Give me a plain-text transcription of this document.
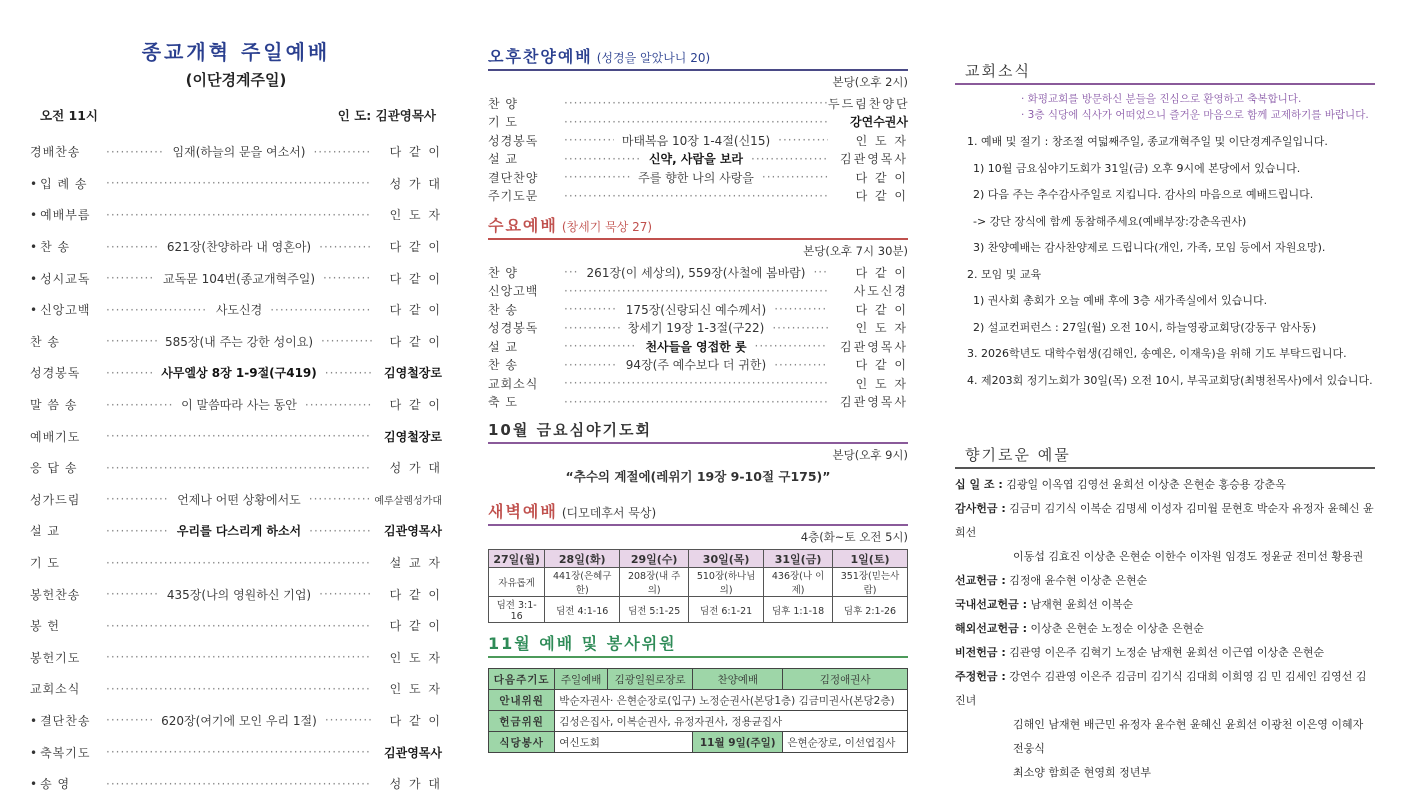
종교개혁 주일예배
(이단경계주일)
오전 11시	인 도: 김관영목사
경배찬송 ·····	임재(하늘의 문을 여소서) ·····	다 같 이
• 입 례 송 ·····	성 가 대
• 예배부름 ·····	인 도 자
• 찬 송 ·····	621장(찬양하라 내 영혼아) ·····	다 같 이
• 성시교독 ·····	교독문 104번(종교개혁주일) ·····	다 같 이
• 신앙고백 ·····	사도신경 ·····	다 같 이
찬 송 ·····	585장(내 주는 강한 성이요) ·····	다 같 이
성경봉독 ·····	사무엘상 8장 1-9절(구419) ·····	김영철장로
말 씀 송 ·····	이 말씀따라 사는 동안 ·····	다 같 이
예배기도 ·····	김영철장로
응 답 송 ·····	성 가 대
성가드림 ·····	언제나 어떤 상황에서도 ·····	예루살렘성가대
설 교 ·····	우리를 다스리게 하소서 ·····	김관영목사
기 도 ·····	설 교 자
봉헌찬송 ·····	435장(나의 영원하신 기업) ·····	다 같 이
봉 헌 ·····	다 같 이
봉헌기도 ·····	인 도 자
교회소식 ·····	인 도 자
• 결단찬송 ·····	620장(여기에 모인 우리 1절) ·····	다 같 이
• 축복기도 ·····	김관영목사
• 송 영 ·····	성 가 대
오후찬양예배 (성경을 알았나니 20)
본당(오후 2시)
찬 양 ·····	두드림찬양단
기 도 ·····	강연수권사
성경봉독 ·····	마태복음 10장 1-4절(신15) ·····	인 도 자
설 교 ·····	신약, 사람을 보라 ·····	김관영목사
결단찬양 ·····	주를 향한 나의 사랑을 ·····	다 같 이
주기도문 ·····	다 같 이
수요예배 (창세기 묵상 27)
본당(오후 7시 30분)
찬 양 ·····	261장(이 세상의), 559장(사철에 봄바람) ·····	다 같 이
신앙고백 ·····	사도신경
찬 송 ·····	175장(신랑되신 예수께서) ·····	다 같 이
성경봉독 ·····	창세기 19장 1-3절(구22) ·····	인 도 자
설 교 ·····	천사들을 영접한 롯 ·····	김관영목사
찬 송 ·····	94장(주 예수보다 더 귀한) ·····	다 같 이
교회소식 ·····	인 도 자
축 도 ·····	김관영목사
10월 금요심야기도회
본당(오후 9시)
“추수의 계절에(레위기 19장 9-10절 구175)”
새벽예배 (디모데후서 묵상)
4층(화~토 오전 5시)
27일(월)	28일(화)	29일(수)	30일(목)	31일(금)	1일(토)
자유롭게	441장(은혜구한)	208장(내 주의)	510장(하나님의)	436장(나 이제)	351장(믿는사람)
딤전 3:1-16	딤전 4:1-16	딤전 5:1-25	딤전 6:1-21	딤후 1:1-18	딤후 2:1-26
11월 예배 및 봉사위원
다음주기도	주일예배	김광일원로장로	찬양예배	김정애권사
안내위원	박순자권사· 은현순장로(입구) 노정순권사(본당1층) 김금미권사(본당2층)			
헌금위원	김성은집사, 이복순권사, 유정자권사, 정용균집사			
식당봉사	여신도회		11월 9일(주일)	은현순장로, 이선엽집사
교회소식
· 화평교회를 방문하신 분들을 진심으로 환영하고 축복합니다.
· 3층 식당에 식사가 어떠었으니 즐거운 마음으로 함께 교제하기를 바랍니다.
1. 예배 및 절기 : 창조절 여덟째주일, 종교개혁주일 및 이단경계주일입니다.
1) 10월 금요심야기도회가 31일(금) 오후 9시에 본당에서 있습니다.
2) 다음 주는 추수감사주일로 지킵니다. 감사의 마음으로 예배드립니다.
-> 강단 장식에 함께 동참해주세요(예배부장:강춘옥권사)
3) 찬양예배는 감사찬양제로 드립니다(개인, 가족, 모임 등에서 자원요망).
2. 모임 및 교육
1) 권사회 총회가 오늘 예배 후에 3층 새가족실에서 있습니다.
2) 설교컨퍼런스 : 27일(월) 오전 10시, 하늘영광교회당(강동구 암사동)
3. 2026학년도 대학수험생(김해인, 송예은, 이재욱)을 위해 기도 부탁드립니다.
4. 제203회 정기노회가 30일(목) 오전 10시, 부곡교회당(최병천목사)에서 있습니다.
향기로운 예물
십 일 조 : 김광일 이옥엽 김영선 윤희선 이상춘 은현순 홍승용 강춘옥
감사헌금 : 김금미 김기식 이복순 김명세 이성자 김미월 문현호 박순자 유정자 윤혜신 윤희선
이동섭 김효진 이상춘 은현순 이한수 이자원 임경도 정윤균 전미선 황용권
선교헌금 : 김정애 윤수현 이상춘 은현순
국내선교헌금 : 남재현 윤희선 이복순
해외선교헌금 : 이상춘 은현순 노정순 이상춘 은현순
비전헌금 : 김관영 이은주 김혁기 노정순 남재현 윤희선 이근엽 이상춘 은현순
주정헌금 : 강연수 김관영 이은주 김금미 김기식 김대희 이희영 김 민 김세인 김영선 김진녀
김해인 남재현 배근민 유정자 윤수현 윤혜신 윤희선 이광천 이은영 이혜자 전웅식
최소양 함희준 현영희 정년부
